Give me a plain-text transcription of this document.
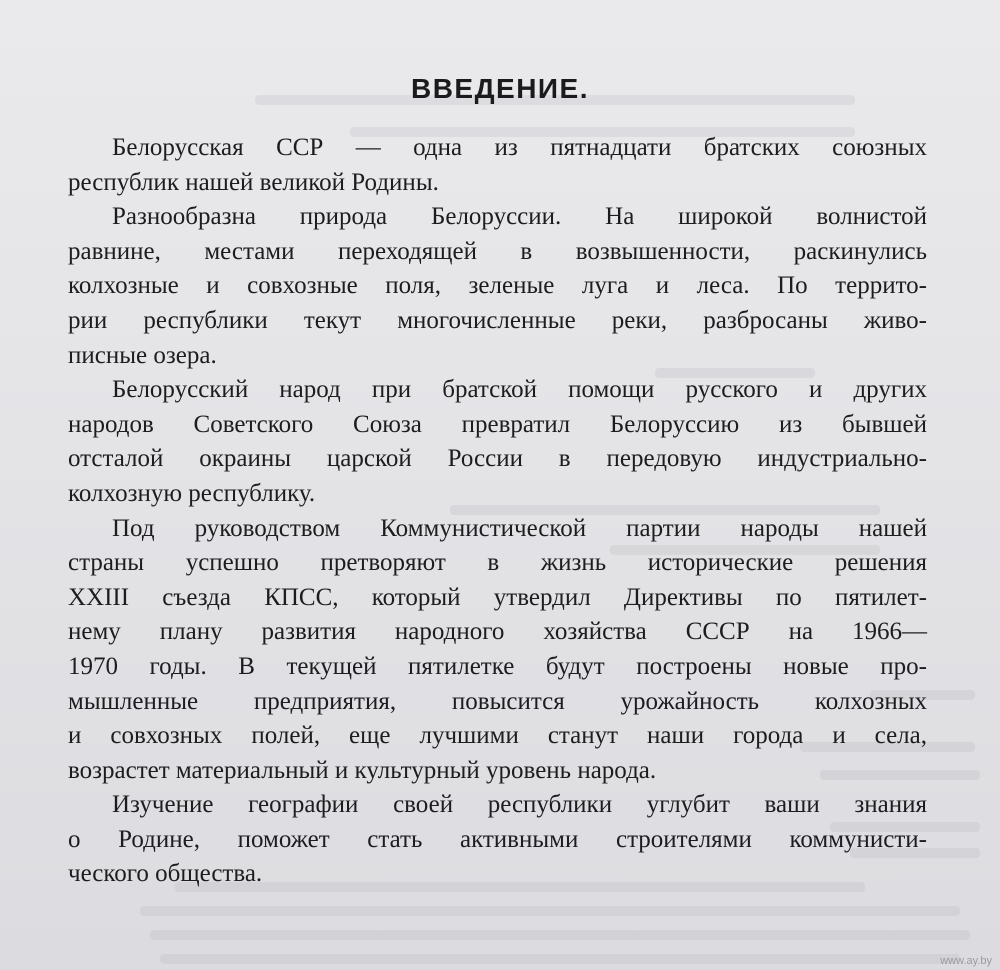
ВВЕДЕНИЕ.
Белорусская ССР — одна из пятнадцати братских союзных
республик нашей великой Родины.
Разнообразна природа Белоруссии. На широкой волнистой
равнине, местами переходящей в возвышенности, раскинулись
колхозные и совхозные поля, зеленые луга и леса. По террито-
рии республики текут многочисленные реки, разбросаны живо-
писные озера.
Белорусский народ при братской помощи русского и других
народов Советского Союза превратил Белоруссию из бывшей
отсталой окраины царской России в передовую индустриально-
колхозную республику.
Под руководством Коммунистической партии народы нашей
страны успешно претворяют в жизнь исторические решения
XXIII съезда КПСС, который утвердил Директивы по пятилет-
нему плану развития народного хозяйства СССР на 1966—
1970 годы. В текущей пятилетке будут построены новые про-
мышленные предприятия, повысится урожайность колхозных
и совхозных полей, еще лучшими станут наши города и села,
возрастет материальный и культурный уровень народа.
Изучение географии своей республики углубит ваши знания
о Родине, поможет стать активными строителями коммунисти-
ческого общества.
www.ay.by
